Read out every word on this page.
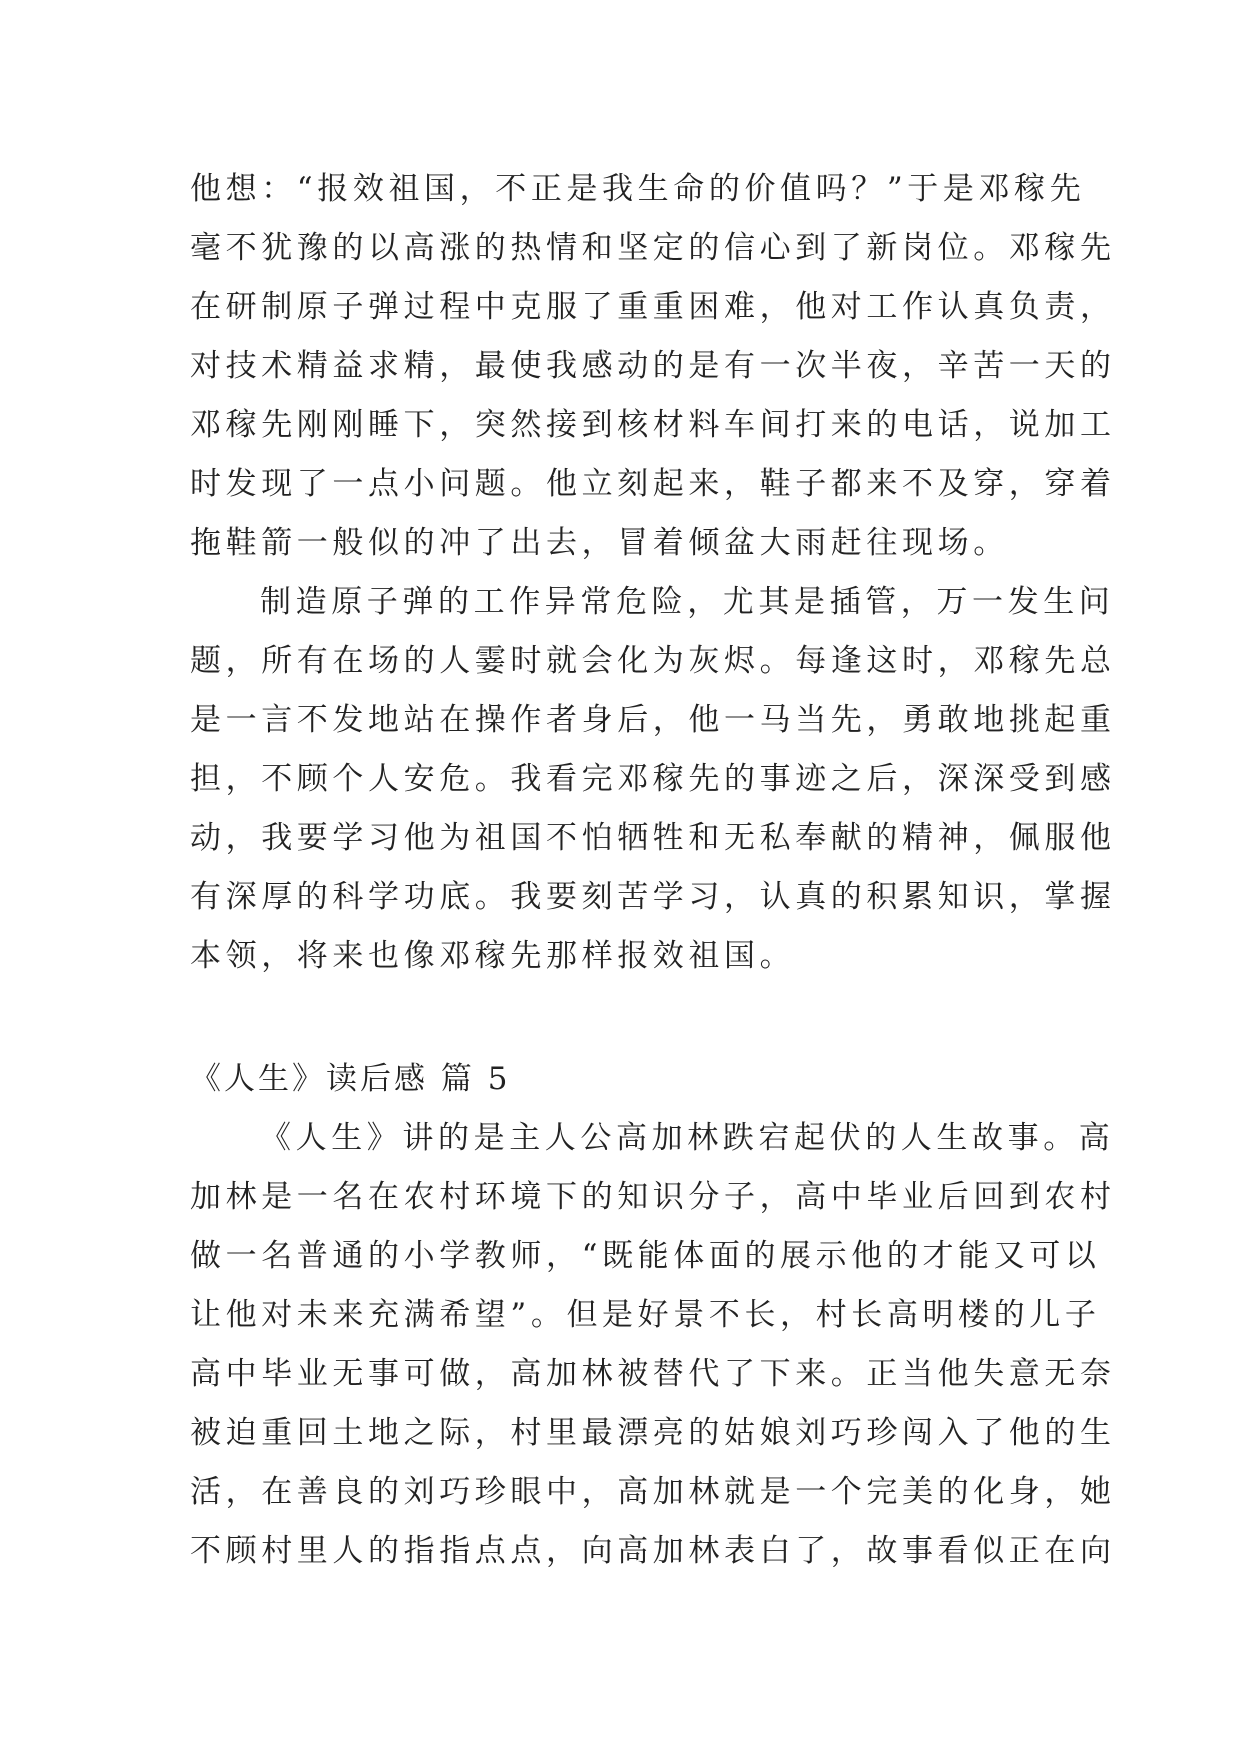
他想：“报效祖国，不正是我生命的价值吗？”于是邓稼先
毫不犹豫的以高涨的热情和坚定的信心到了新岗位。邓稼先
在研制原子弹过程中克服了重重困难，他对工作认真负责，
对技术精益求精，最使我感动的是有一次半夜，辛苦一天的
邓稼先刚刚睡下，突然接到核材料车间打来的电话，说加工
时发现了一点小问题。他立刻起来，鞋子都来不及穿，穿着
拖鞋箭一般似的冲了出去，冒着倾盆大雨赶往现场。
制造原子弹的工作异常危险，尤其是插管，万一发生问
题，所有在场的人霎时就会化为灰烬。每逢这时，邓稼先总
是一言不发地站在操作者身后，他一马当先，勇敢地挑起重
担，不顾个人安危。我看完邓稼先的事迹之后，深深受到感
动，我要学习他为祖国不怕牺牲和无私奉献的精神，佩服他
有深厚的科学功底。我要刻苦学习，认真的积累知识，掌握
本领，将来也像邓稼先那样报效祖国。
《人生》读后感 篇 5
《人生》讲的是主人公高加林跌宕起伏的人生故事。高
加林是一名在农村环境下的知识分子，高中毕业后回到农村
做一名普通的小学教师，“既能体面的展示他的才能又可以
让他对未来充满希望”。但是好景不长，村长高明楼的儿子
高中毕业无事可做，高加林被替代了下来。正当他失意无奈
被迫重回土地之际，村里最漂亮的姑娘刘巧珍闯入了他的生
活，在善良的刘巧珍眼中，高加林就是一个完美的化身，她
不顾村里人的指指点点，向高加林表白了，故事看似正在向
